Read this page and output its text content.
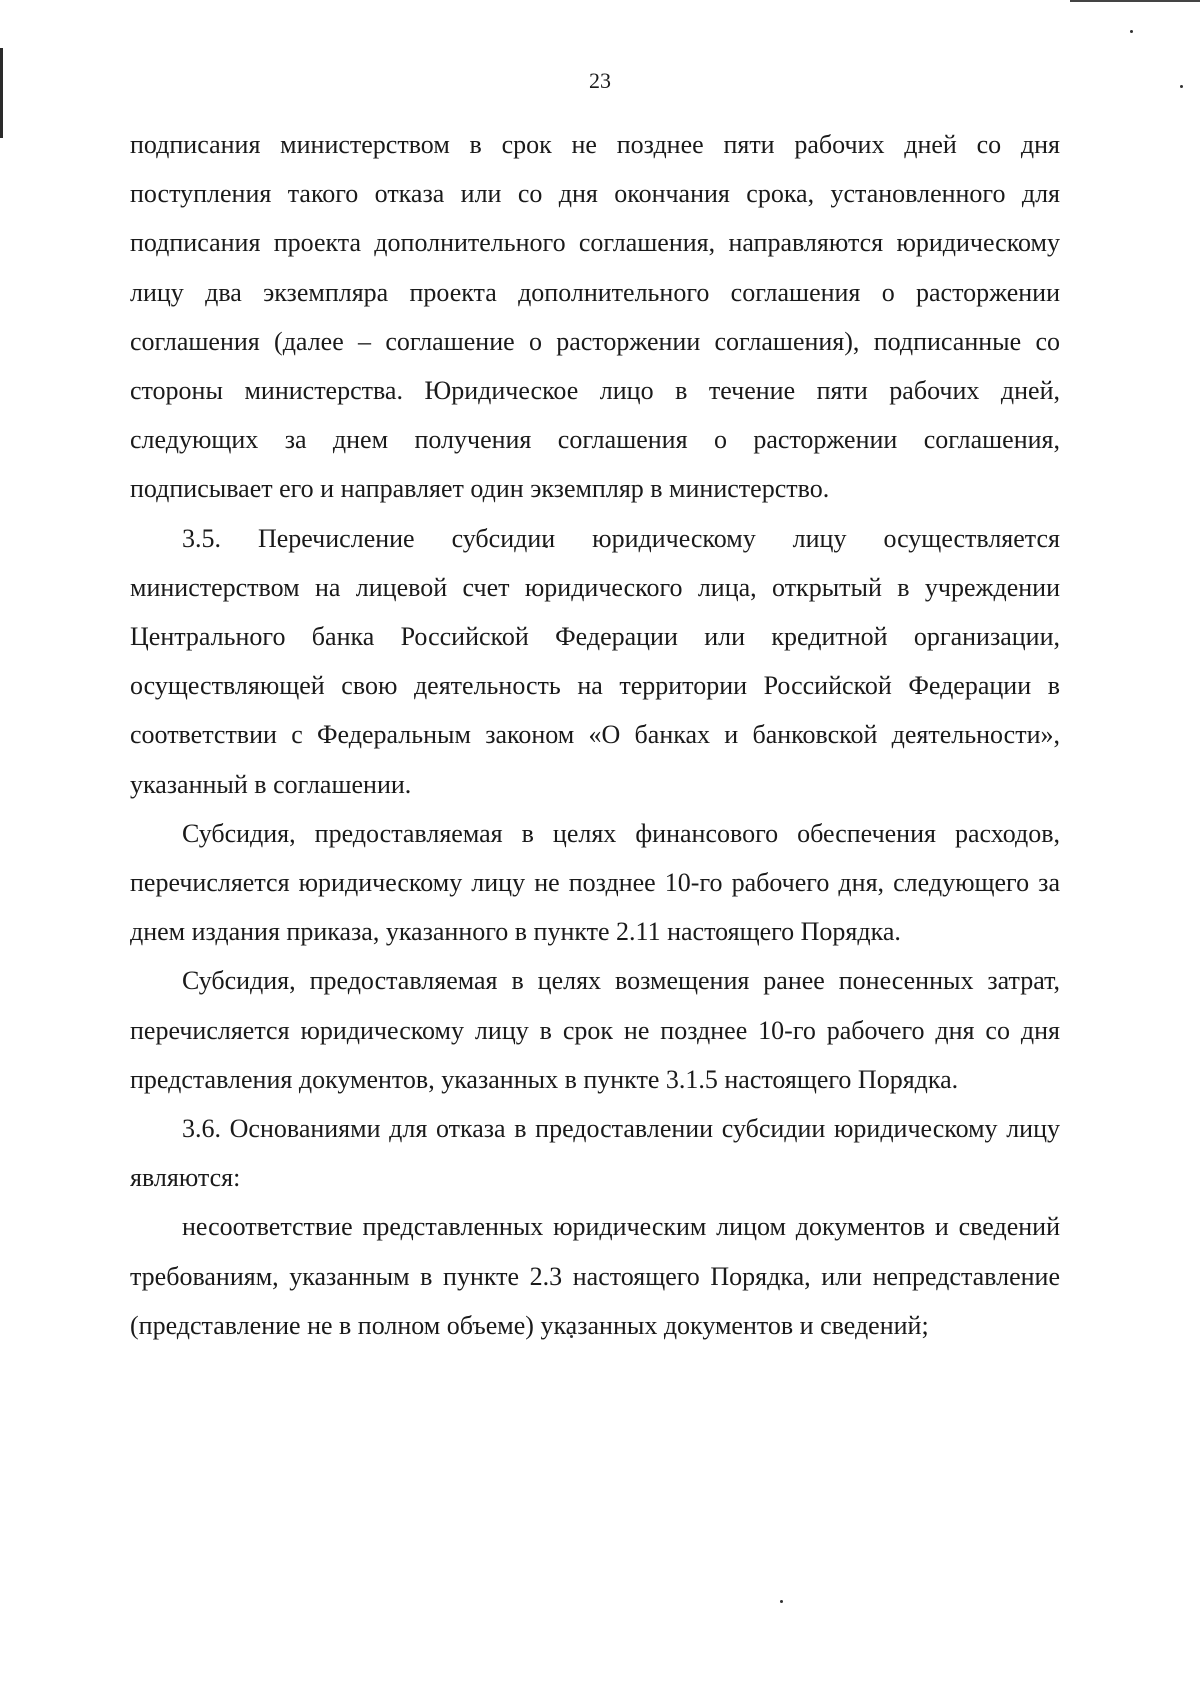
23

подписания министерством в срок не позднее пяти рабочих дней со дня поступления такого отказа или со дня окончания срока, установленного для подписания проекта дополнительного соглашения, направляются юридическому лицу два экземпляра проекта дополнительного соглашения о расторжении соглашения (далее – соглашение о расторжении соглашения), подписанные со стороны министерства. Юридическое лицо в течение пяти рабочих дней, следующих за днем получения соглашения о расторжении соглашения, подписывает его и направляет один экземпляр в министерство.

3.5. Перечисление субсидии юридическому лицу осуществляется министерством на лицевой счет юридического лица, открытый в учреждении Центрального банка Российской Федерации или кредитной организации, осуществляющей свою деятельность на территории Российской Федерации в соответствии с Федеральным законом «О банках и банковской деятельности», указанный в соглашении.

Субсидия, предоставляемая в целях финансового обеспечения расходов, перечисляется юридическому лицу не позднее 10-го рабочего дня, следующего за днем издания приказа, указанного в пункте 2.11 настоящего Порядка.

Субсидия, предоставляемая в целях возмещения ранее понесенных затрат, перечисляется юридическому лицу в срок не позднее 10-го рабочего дня со дня представления документов, указанных в пункте 3.1.5 настоящего Порядка.

3.6. Основаниями для отказа в предоставлении субсидии юридическому лицу являются:

несоответствие представленных юридическим лицом документов и сведений требованиям, указанным в пункте 2.3 настоящего Порядка, или непредставление (представление не в полном объеме) указанных документов и сведений;
